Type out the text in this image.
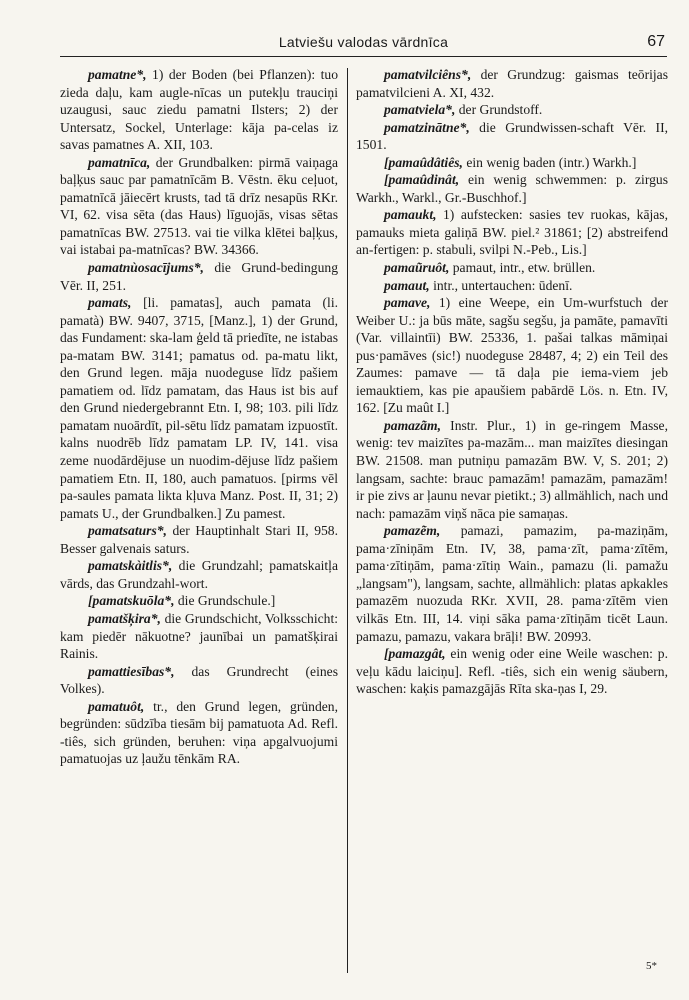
Latviešu valodas vārdnīca	67

pamatne*, 1) der Boden (bei Pflanzen): tuo zieda daļu, kam augle-nīcas un putekļu trauciņi uzaugusi, sauc ziedu pamatni Ilsters; 2) der Untersatz, Sockel, Unterlage: kāja pa-celas iz savas pamatnes A. XII, 103.

pamatnīca, der Grundbalken: pirmā vaiņaga baļķus sauc par pamatnīcām B. Vēstn. ēku ceļuot, pamatnīcā jāiecērt krusts, tad tā drīz nesapūs RKr. VI, 62. visa sēta (das Haus) līguojās, visas sētas pamatnīcas BW. 27513. vai tie vilka klētei baļķus, vai istabai pa-matnīcas? BW. 34366.

pamatnùosacījums*, die Grund-bedingung Vēr. II, 251.

pamats, [li. pamatas], auch pamata (li. pamatà) BW. 9407, 3715, [Manz.], 1) der Grund, das Fundament: ska-lam ģeld tā priedīte, ne istabas pa-matam BW. 3141; pamatus od. pa-matu likt, den Grund legen. māja nuodeguse līdz pašiem pamatiem od. līdz pamatam, das Haus ist bis auf den Grund niedergebrannt Etn. I, 98; 103. pili līdz pamatam nuoārdīt, pil-sētu līdz pamatam izpuostīt. kalns nuodrēb līdz pamatam LP. IV, 141. visa zeme nuodārdējuse un nuodim-dējuse līdz pašiem pamatiem Etn. II, 180, auch pamatuos. [pirms vēl pa-saules pamata likta kļuva Manz. Post. II, 31; 2) pamats U., der Grundbalken.] Zu pamest.

pamatsaturs*, der Hauptinhalt Stari II, 958. Besser galvenais saturs.

pamatskàitlis*, die Grundzahl; pamatskaitļa vārds, das Grundzahl-wort.

[pamatskuōla*, die Grundschule.]

pamatšķira*, die Grundschicht, Volksschicht: kam piedēr nākuotne? jaunībai un pamatšķirai Rainis.

pamattiesības*, das Grundrecht (eines Volkes).

pamatuôt, tr., den Grund legen, gründen, begründen: sūdzība tiesām bij pamatuota Ad. Refl. -tiês, sich gründen, beruhen: viņa apgalvuojumi pamatuojas uz ļaužu tēnkām RA.

pamatvilciêns*, der Grundzug: gaismas teōrijas pamatvilcieni A. XI, 432.

pamatviela*, der Grundstoff.

pamatzinātne*, die Grundwissen-schaft Vēr. II, 1501.

[pamaûdâtiês, ein wenig baden (intr.) Warkh.]

[pamaûdinât, ein wenig schwemmen: p. zirgus Warkh., Warkl., Gr.-Buschhof.]

pamaukt, 1) aufstecken: sasies tev ruokas, kājas, pamauks mieta galiņā BW. piel.² 31861; [2) abstreifend an-fertigen: p. stabuli, svilpi N.-Peb., Lis.]

pamaũruôt, pamaut, intr., etw. brüllen.

pamaut, intr., untertauchen: ūdenī.

pamave, 1) eine Weepe, ein Um-wurfstuch der Weiber U.: ja būs māte, sagšu segšu, ja pamāte, pamavīti (Var. villaintīi) BW. 25336, 1. pašai talkas māmiņai pus·pamāves (sic!) nuodeguse 28487, 4; 2) ein Teil des Zaumes: pamave — tā daļa pie iema-viem jeb iemauktiem, kas pie apaušiem pabārdē Lös. n. Etn. IV, 162. [Zu maût I.]

pamazãm, Instr. Plur., 1) in ge-ringem Masse, wenig: tev maizītes pa-mazām... man maizītes diesingan BW. 21508. man putniņu pamazām BW. V, S. 201; 2) langsam, sachte: brauc pamazām! pamazām, pamazām! ir pie zivs ar ļaunu nevar pietikt.; 3) allmählich, nach und nach: pamazām viņš nāca pie samaņas.

pamazẽm, pamazi, pamazim, pa-maziņām, pama·zīniņām Etn. IV, 38, pama·zīt, pama·zītēm, pama·zītiņām, pama·zītiņ Wain., pamazu (li. pamažu „langsam"), langsam, sachte, allmählich: platas apkakles pamazēm nuozuda RKr. XVII, 28. pama·zītēm vien vilkās Etn. III, 14. viņi sāka pama·zītiņām ticēt Laun. pamazu, pamazu, vakara brāļi! BW. 20993.

[pamazgât, ein wenig oder eine Weile waschen: p. veļu kādu laiciņu]. Refl. -tiês, sich ein wenig säubern, waschen: kaķis pamazgājās Rīta ska-ņas I, 29.

5*
